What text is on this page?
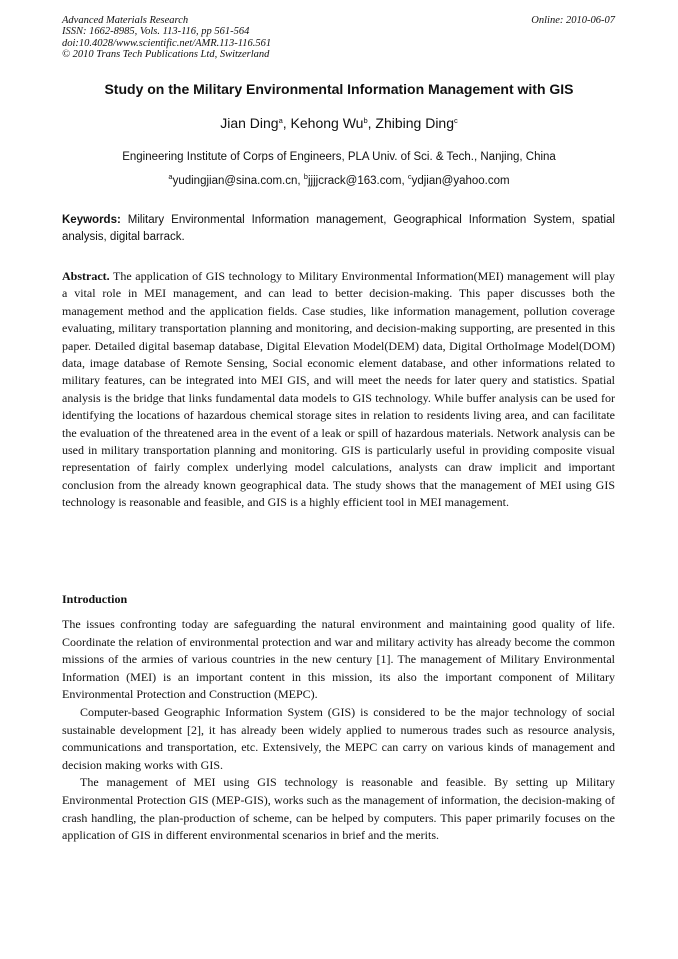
Advanced Materials Research
ISSN: 1662-8985, Vols. 113-116, pp 561-564
doi:10.4028/www.scientific.net/AMR.113-116.561
© 2010 Trans Tech Publications Ltd, Switzerland
Online: 2010-06-07
Study on the Military Environmental Information Management with GIS
Jian Ding$^a$, Kehong Wu$^b$, Zhibing Ding$^c$
Engineering Institute of Corps of Engineers, PLA Univ. of Sci. & Tech., Nanjing, China
$^a$yudingjian@sina.com.cn, $^b$jjjjcrack@163.com, $^c$ydjian@yahoo.com
Keywords: Military Environmental Information management, Geographical Information System, spatial analysis, digital barrack.

Abstract. The application of GIS technology to Military Environmental Information(MEI) management will play a vital role in MEI management, and can lead to better decision-making. This paper discusses both the management method and the application fields. Case studies, like information management, pollution coverage evaluating, military transportation planning and monitoring, and decision-making supporting, are presented in this paper. Detailed digital basemap database, Digital Elevation Model(DEM) data, Digital OrthoImage Model(DOM) data, image database of Remote Sensing, Social economic element database, and other informations related to military features, can be integrated into MEI GIS, and will meet the needs for later query and statistics. Spatial analysis is the bridge that links fundamental data models to GIS technology. While buffer analysis can be used for identifying the locations of hazardous chemical storage sites in relation to residents living area, and can facilitate the evaluation of the threatened area in the event of a leak or spill of hazardous materials. Network analysis can be used in military transportation planning and monitoring. GIS is particularly useful in providing composite visual representation of fairly complex underlying model calculations, analysts can draw implicit and important conclusion from the already known geographical data. The study shows that the management of MEI using GIS technology is reasonable and feasible, and GIS is a highly efficient tool in MEI management.

Introduction

The issues confronting today are safeguarding the natural environment and maintaining good quality of life. Coordinate the relation of environmental protection and war and military activity has already become the common missions of the armies of various countries in the new century [1]. The management of Military Environmental Information (MEI) is an important content in this mission, its also the important component of Military Environmental Protection and Construction (MEPC).

Computer-based Geographic Information System (GIS) is considered to be the major technology of social sustainable development [2], it has already been widely applied to numerous trades such as resource analysis, communications and transportation, etc. Extensively, the MEPC can carry on various kinds of management and decision making works with GIS.

The management of MEI using GIS technology is reasonable and feasible. By setting up Military Environmental Protection GIS (MEP-GIS), works such as the management of information, the decision-making of crash handling, the plan-production of scheme, can be helped by computers. This paper primarily focuses on the application of GIS in different environmental scenarios in brief and the merits.
